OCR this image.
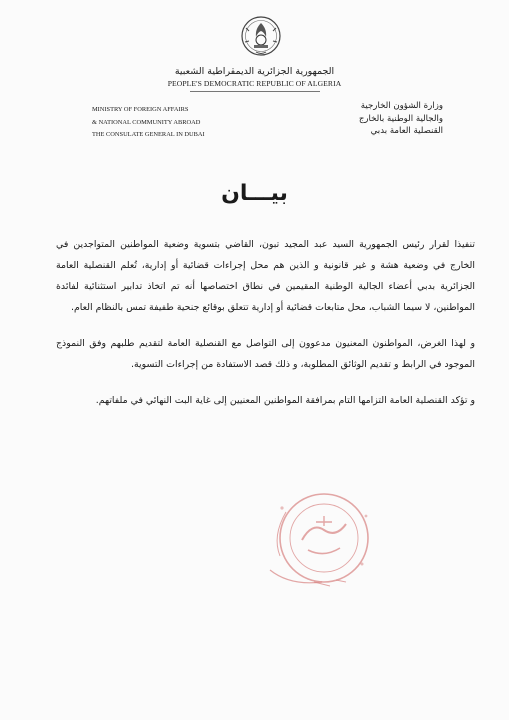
الجمهورية الجزائرية الديمقراطية الشعبية
PEOPLE'S DEMOCRATIC REPUBLIC OF ALGERIA
MINISTRY OF FOREIGN AFFAIRS
& NATIONAL COMMUNITY ABROAD
THE CONSULATE GENERAL IN DUBAI
وزارة الشؤون الخارجية
والجالية الوطنية بالخارج
القنصلية العامة بدبي
بيـــان

تنفيذا لقرار رئيس الجمهورية السيد عبد المجيد تبون، القاضي بتسوية وضعية المواطنين المتواجدين في الخارج في وضعية هشة و غير قانونية و الذين هم محل إجراءات قضائية أو إدارية، تُعلم القنصلية العامة الجزائرية بدبي أعضاء الجالية الوطنية المقيمين في نطاق اختصاصها أنه تم اتخاذ تدابير استثنائية لفائدة المواطنين، لا سيما الشباب، محل متابعات قضائية أو إدارية تتعلق بوقائع جنحية طفيفة تمس بالنظام العام.

و لهذا الغرض، المواطنون المعنيون مدعوون إلى التواصل مع القنصلية العامة لتقديم طلبهم وفق النموذج الموجود في الرابط و تقديم الوثائق المطلوبة، و ذلك قصد الاستفادة من إجراءات التسوية.

و تؤكد القنصلية العامة التزامها التام بمرافقة المواطنين المعنيين إلى غاية البت النهائي في ملفاتهم.
